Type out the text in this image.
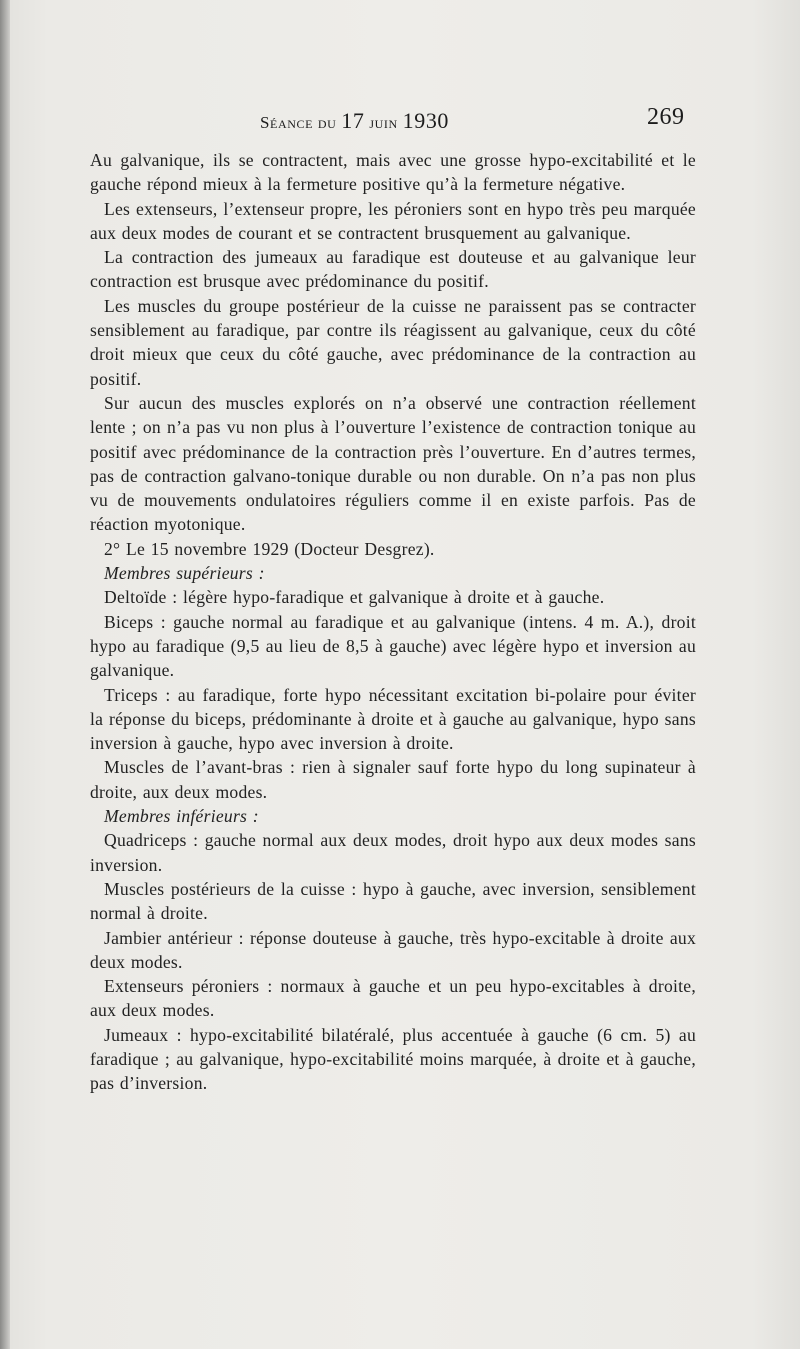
Séance du 17 juin 1930	269

Au galvanique, ils se contractent, mais avec une grosse hypo-excitabilité et le gauche répond mieux à la fermeture positive qu’à la fermeture négative.

Les extenseurs, l’extenseur propre, les péroniers sont en hypo très peu marquée aux deux modes de courant et se contractent brusquement au galvanique.

La contraction des jumeaux au faradique est douteuse et au galvanique leur contraction est brusque avec prédominance du positif.

Les muscles du groupe postérieur de la cuisse ne paraissent pas se contracter sensiblement au faradique, par contre ils réagissent au galvanique, ceux du côté droit mieux que ceux du côté gauche, avec prédominance de la contraction au positif.

Sur aucun des muscles explorés on n’a observé une contraction réellement lente ; on n’a pas vu non plus à l’ouverture l’existence de contraction tonique au positif avec prédominance de la contraction près l’ouverture. En d’autres termes, pas de contraction galvano-tonique durable ou non durable. On n’a pas non plus vu de mouvements ondulatoires réguliers comme il en existe parfois. Pas de réaction myotonique.

2° Le 15 novembre 1929 (Docteur Desgrez).

Membres supérieurs :

Deltoïde : légère hypo-faradique et galvanique à droite et à gauche.

Biceps : gauche normal au faradique et au galvanique (intens. 4 m. A.), droit hypo au faradique (9,5 au lieu de 8,5 à gauche) avec légère hypo et inversion au galvanique.

Triceps : au faradique, forte hypo nécessitant excitation bi-polaire pour éviter la réponse du biceps, prédominante à droite et à gauche au galvanique, hypo sans inversion à gauche, hypo avec inversion à droite.

Muscles de l’avant-bras : rien à signaler sauf forte hypo du long supinateur à droite, aux deux modes.

Membres inférieurs :

Quadriceps : gauche normal aux deux modes, droit hypo aux deux modes sans inversion.

Muscles postérieurs de la cuisse : hypo à gauche, avec inversion, sensiblement normal à droite.

Jambier antérieur : réponse douteuse à gauche, très hypo-excitable à droite aux deux modes.

Extenseurs péroniers : normaux à gauche et un peu hypo-excitables à droite, aux deux modes.

Jumeaux : hypo-excitabilité bilatéralé, plus accentuée à gauche (6 cm. 5) au faradique ; au galvanique, hypo-excitabilité moins marquée, à droite et à gauche, pas d’inversion.
